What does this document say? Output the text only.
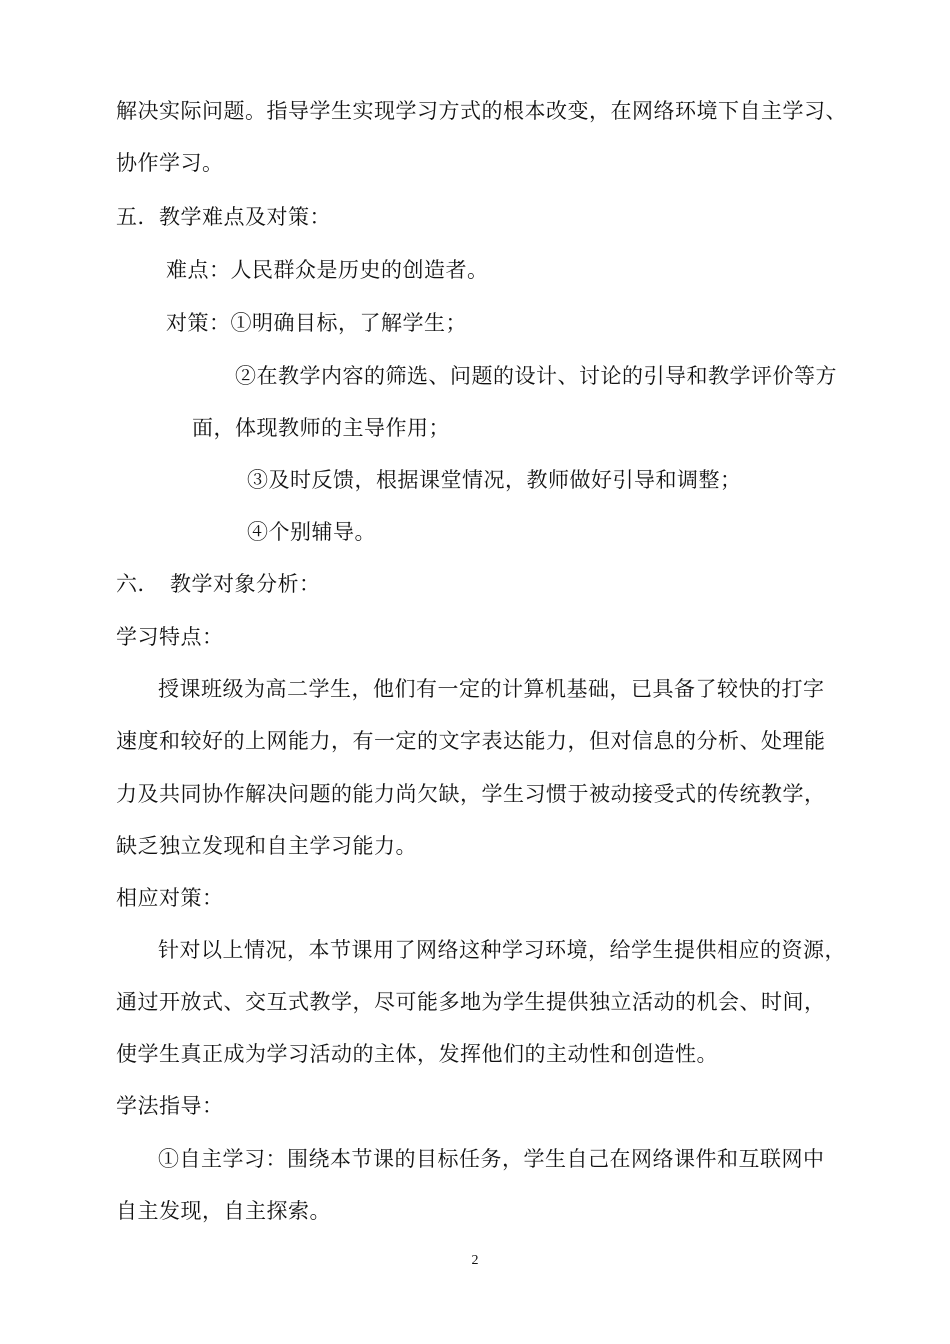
解决实际问题。指导学生实现学习方式的根本改变，在网络环境下自主学习、
协作学习。
五．教学难点及对策：
难点：人民群众是历史的创造者。
对策：①明确目标，了解学生；
②在教学内容的筛选、问题的设计、讨论的引导和教学评价等方
面，体现教师的主导作用；
③及时反馈，根据课堂情况，教师做好引导和调整；
④个别辅导。
六．　教学对象分析：
学习特点：
授课班级为高二学生，他们有一定的计算机基础，已具备了较快的打字
速度和较好的上网能力，有一定的文字表达能力，但对信息的分析、处理能
力及共同协作解决问题的能力尚欠缺，学生习惯于被动接受式的传统教学，
缺乏独立发现和自主学习能力。
相应对策：
针对以上情况，本节课用了网络这种学习环境，给学生提供相应的资源，
通过开放式、交互式教学，尽可能多地为学生提供独立活动的机会、时间，
使学生真正成为学习活动的主体，发挥他们的主动性和创造性。
学法指导：
①自主学习：围绕本节课的目标任务，学生自己在网络课件和互联网中
自主发现，自主探索。
2
